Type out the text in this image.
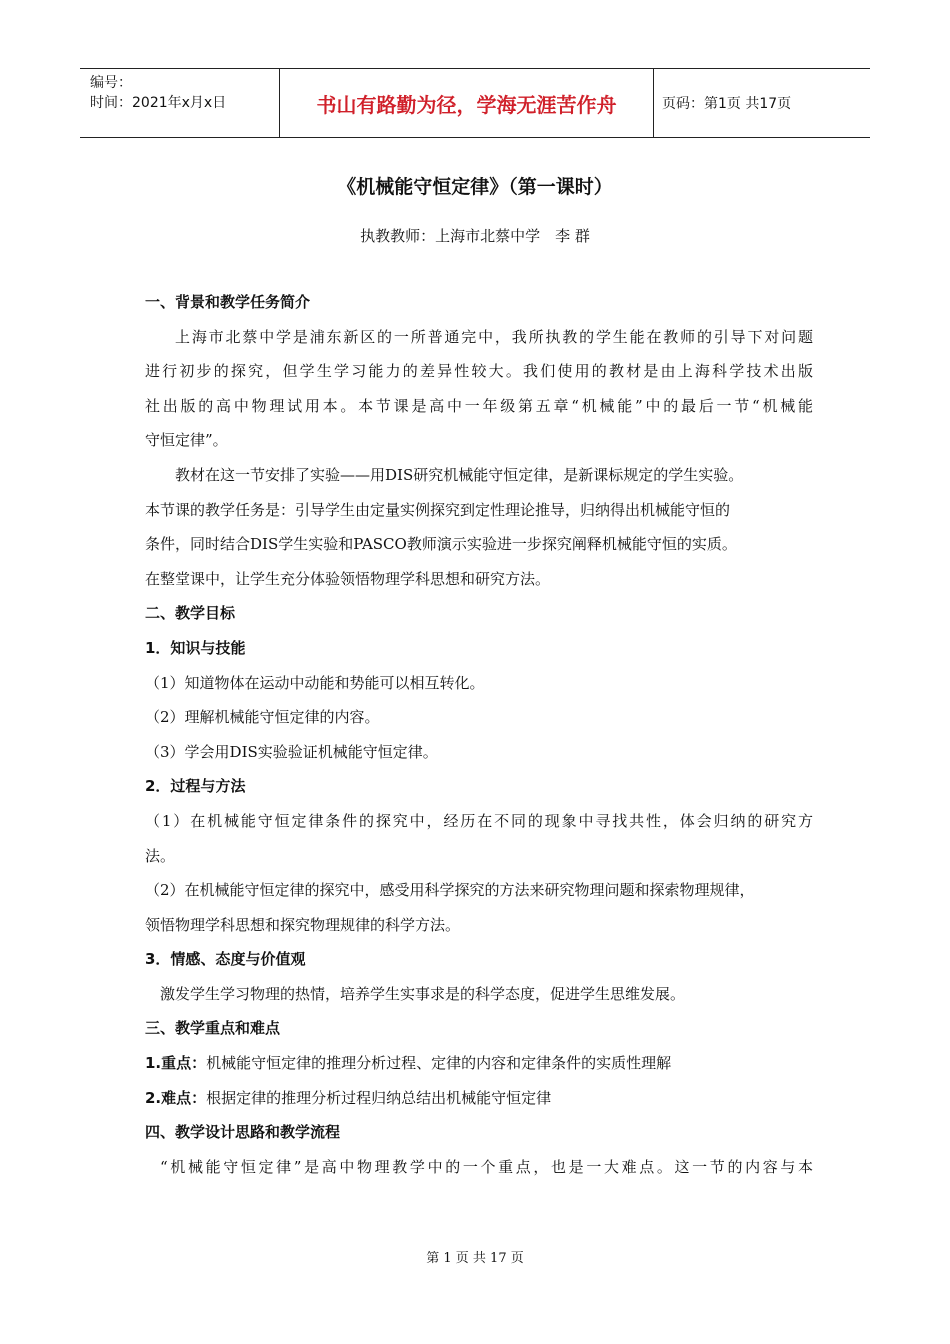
编号：
时间：2021年x月x日	书山有路勤为径，学海无涯苦作舟	页码：第1页 共17页
《机械能守恒定律》（第一课时）
执教教师：上海市北蔡中学　李 群
一、背景和教学任务简介
上海市北蔡中学是浦东新区的一所普通完中，我所执教的学生能在教师的引导下对问题
进行初步的探究，但学生学习能力的差异性较大。我们使用的教材是由上海科学技术出版
社出版的高中物理试用本。本节课是高中一年级第五章“机械能”中的最后一节“机械能
守恒定律”。
教材在这一节安排了实验——用DIS研究机械能守恒定律，是新课标规定的学生实验。
本节课的教学任务是：引导学生由定量实例探究到定性理论推导，归纳得出机械能守恒的
条件，同时结合DIS学生实验和PASCO教师演示实验进一步探究阐释机械能守恒的实质。
在整堂课中，让学生充分体验领悟物理学科思想和研究方法。
二、教学目标
1．知识与技能
（1）知道物体在运动中动能和势能可以相互转化。
（2）理解机械能守恒定律的内容。
（3）学会用DIS实验验证机械能守恒定律。
2．过程与方法
（1）在机械能守恒定律条件的探究中，经历在不同的现象中寻找共性，体会归纳的研究方
法。
（2）在机械能守恒定律的探究中，感受用科学探究的方法来研究物理问题和探索物理规律，
领悟物理学科思想和探究物理规律的科学方法。
3．情感、态度与价值观
激发学生学习物理的热情，培养学生实事求是的科学态度，促进学生思维发展。
三、教学重点和难点
1.重点：机械能守恒定律的推理分析过程、定律的内容和定律条件的实质性理解
2.难点：根据定律的推理分析过程归纳总结出机械能守恒定律
四、教学设计思路和教学流程
“机械能守恒定律”是高中物理教学中的一个重点，也是一大难点。这一节的内容与本
第 1 页 共 17 页
